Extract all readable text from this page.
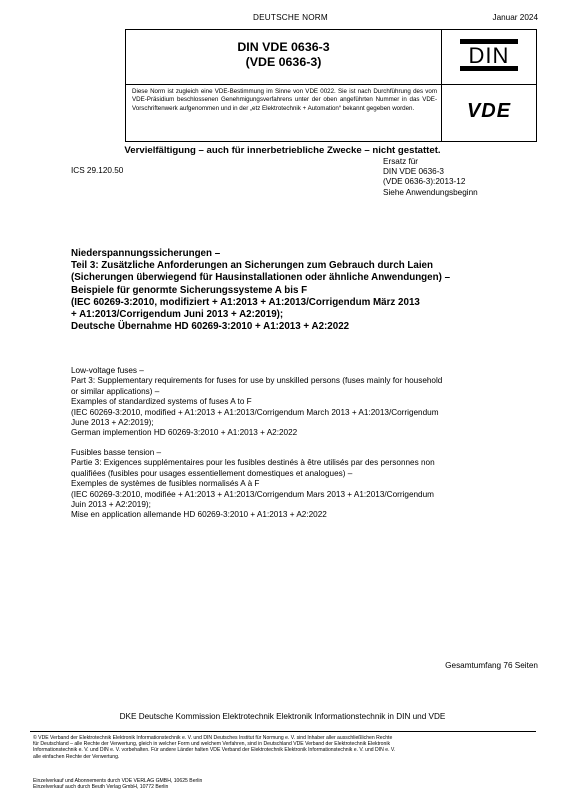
DEUTSCHE NORM	Januar 2024
DIN VDE 0636-3
(VDE 0636-3)	DIN
Diese Norm ist zugleich eine VDE-Bestimmung im Sinne von VDE 0022. Sie ist nach Durchführung des vom VDE-Präsidium beschlossenen Genehmigungsverfahrens unter der oben angeführten Nummer in das VDE-Vorschriftenwerk aufgenommen und in der „etz Elektrotechnik + Automation“ bekannt gegeben worden.	VDE
Vervielfältigung – auch für innerbetriebliche Zwecke – nicht gestattet.
ICS 29.120.50
Ersatz für
DIN VDE 0636-3
(VDE 0636-3):2013-12
Siehe Anwendungsbeginn
Niederspannungssicherungen –
Teil 3: Zusätzliche Anforderungen an Sicherungen zum Gebrauch durch Laien
(Sicherungen überwiegend für Hausinstallationen oder ähnliche Anwendungen) –
Beispiele für genormte Sicherungssysteme A bis F
(IEC 60269-3:2010, modifiziert + A1:2013 + A1:2013/Corrigendum März 2013
+ A1:2013/Corrigendum Juni 2013 + A2:2019);
Deutsche Übernahme HD 60269-3:2010 + A1:2013 + A2:2022
Low-voltage fuses –
Part 3: Supplementary requirements for fuses for use by unskilled persons (fuses mainly for household
or similar applications) –
Examples of standardized systems of fuses A to F
(IEC 60269-3:2010, modified + A1:2013 + A1:2013/Corrigendum March 2013 + A1:2013/Corrigendum
June 2013 + A2:2019);
German implemention HD 60269-3:2010 + A1:2013 + A2:2022
Fusibles basse tension –
Partie 3: Exigences supplémentaires pour les fusibles destinés à être utilisés par des personnes non
qualifiées (fusibles pour usages essentiellement domestiques et analogues) –
Exemples de systèmes de fusibles normalisés A à F
(IEC 60269-3:2010, modifiée + A1:2013 + A1:2013/Corrigendum Mars 2013 + A1:2013/Corrigendum
Juin 2013 + A2:2019);
Mise en application allemande HD 60269-3:2010 + A1:2013 + A2:2022
Gesamtumfang 76 Seiten
DKE Deutsche Kommission Elektrotechnik Elektronik Informationstechnik in DIN und VDE
© VDE Verband der Elektrotechnik Elektronik Informationstechnik e. V. und DIN Deutsches Institut für Normung e. V. sind Inhaber aller ausschließlichen Rechte
für Deutschland – alle Rechte der Verwertung, gleich in welcher Form und welchem Verfahren, sind in Deutschland VDE Verband der Elektrotechnik Elektronik
Informationstechnik e. V. und DIN e. V. vorbehalten. Für andere Länder halten VDE Verband der Elektrotechnik Elektronik Informationstechnik e. V. und DIN e. V.
alle einfachen Rechte der Verwertung.
Einzelverkauf und Abonnements durch VDE VERLAG GMBH, 10625 Berlin
Einzelverkauf auch durch Beuth Verlag GmbH, 10772 Berlin
